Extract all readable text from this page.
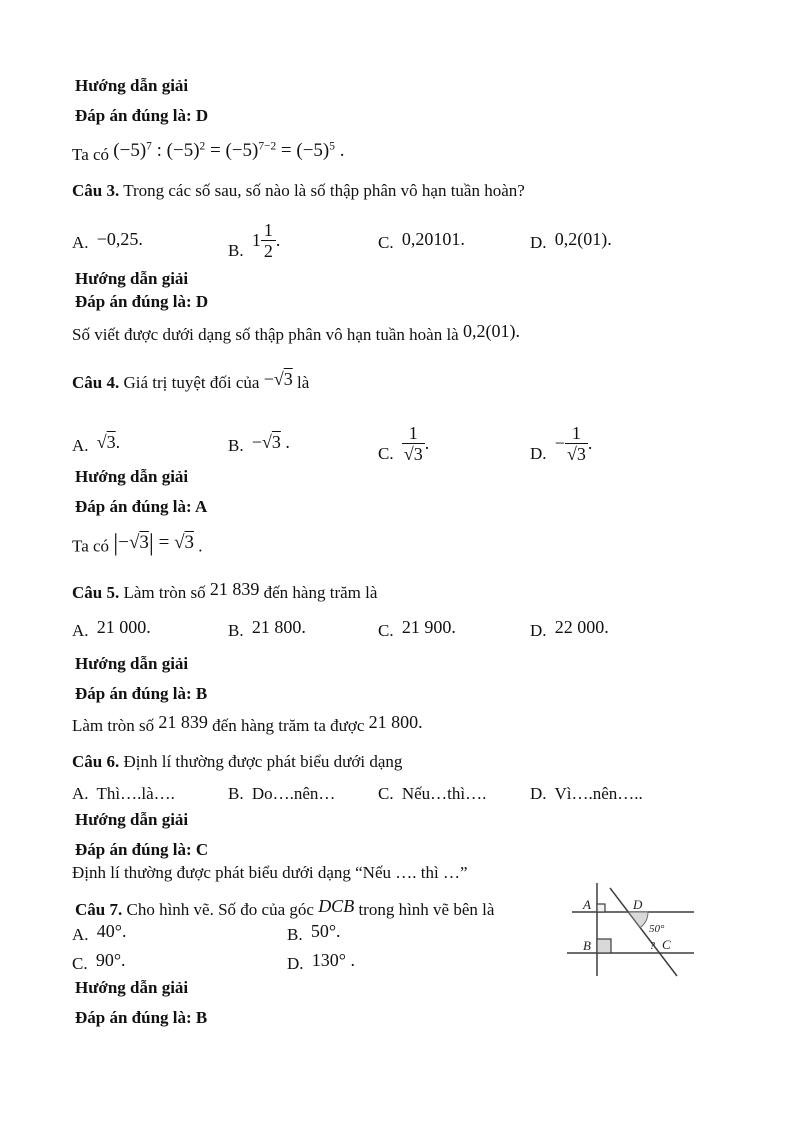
Hướng dẫn giải
Đáp án đúng là: D
Ta có $(-5)^7$ : $(-5)^2 = (-5)^{7-2} = (-5)^5$ .
Câu 3. Trong các số sau, số nào là số thập phân vô hạn tuần hoàn?
A. −0,25.
B. $1 \frac{1}{2}$ .	C. 0,20101.	D. 0,2(01).
Hướng dẫn giải
Đáp án đúng là: D
Số viết được dưới dạng số thập phân vô hạn tuần hoàn là 0,2(01).
Câu 4. Giá trị tuyệt đối của −√3 là
A. √3.	B. −√3 .
C. $\frac{1}{√3}$ .
D. − $\frac{1}{√3}$ .
Hướng dẫn giải
Đáp án đúng là: A
Ta có |−√3| = √3 .
Câu 5. Làm tròn số 21 839 đến hàng trăm là
A. 21 000.	B. 21 800.	C. 21 900.	D. 22 000.
Hướng dẫn giải
Đáp án đúng là: B
Làm tròn số 21 839 đến hàng trăm ta được 21 800.
Câu 6. Định lí thường được phát biểu dưới dạng
A. Thì….là….	B. Do….nên…	C. Nếu…thì….	D. Vì….nên…..
Hướng dẫn giải
Đáp án đúng là: C
Định lí thường được phát biểu dưới dạng “Nếu …. thì …”
Câu 7. Cho hình vẽ. Số đo của góc DCB trong hình vẽ bên là
A. 40°.	B. 50°.
C. 90°.	D. 130° .
Hướng dẫn giải
Đáp án đúng là: B
A	D
B	C
50°
?
